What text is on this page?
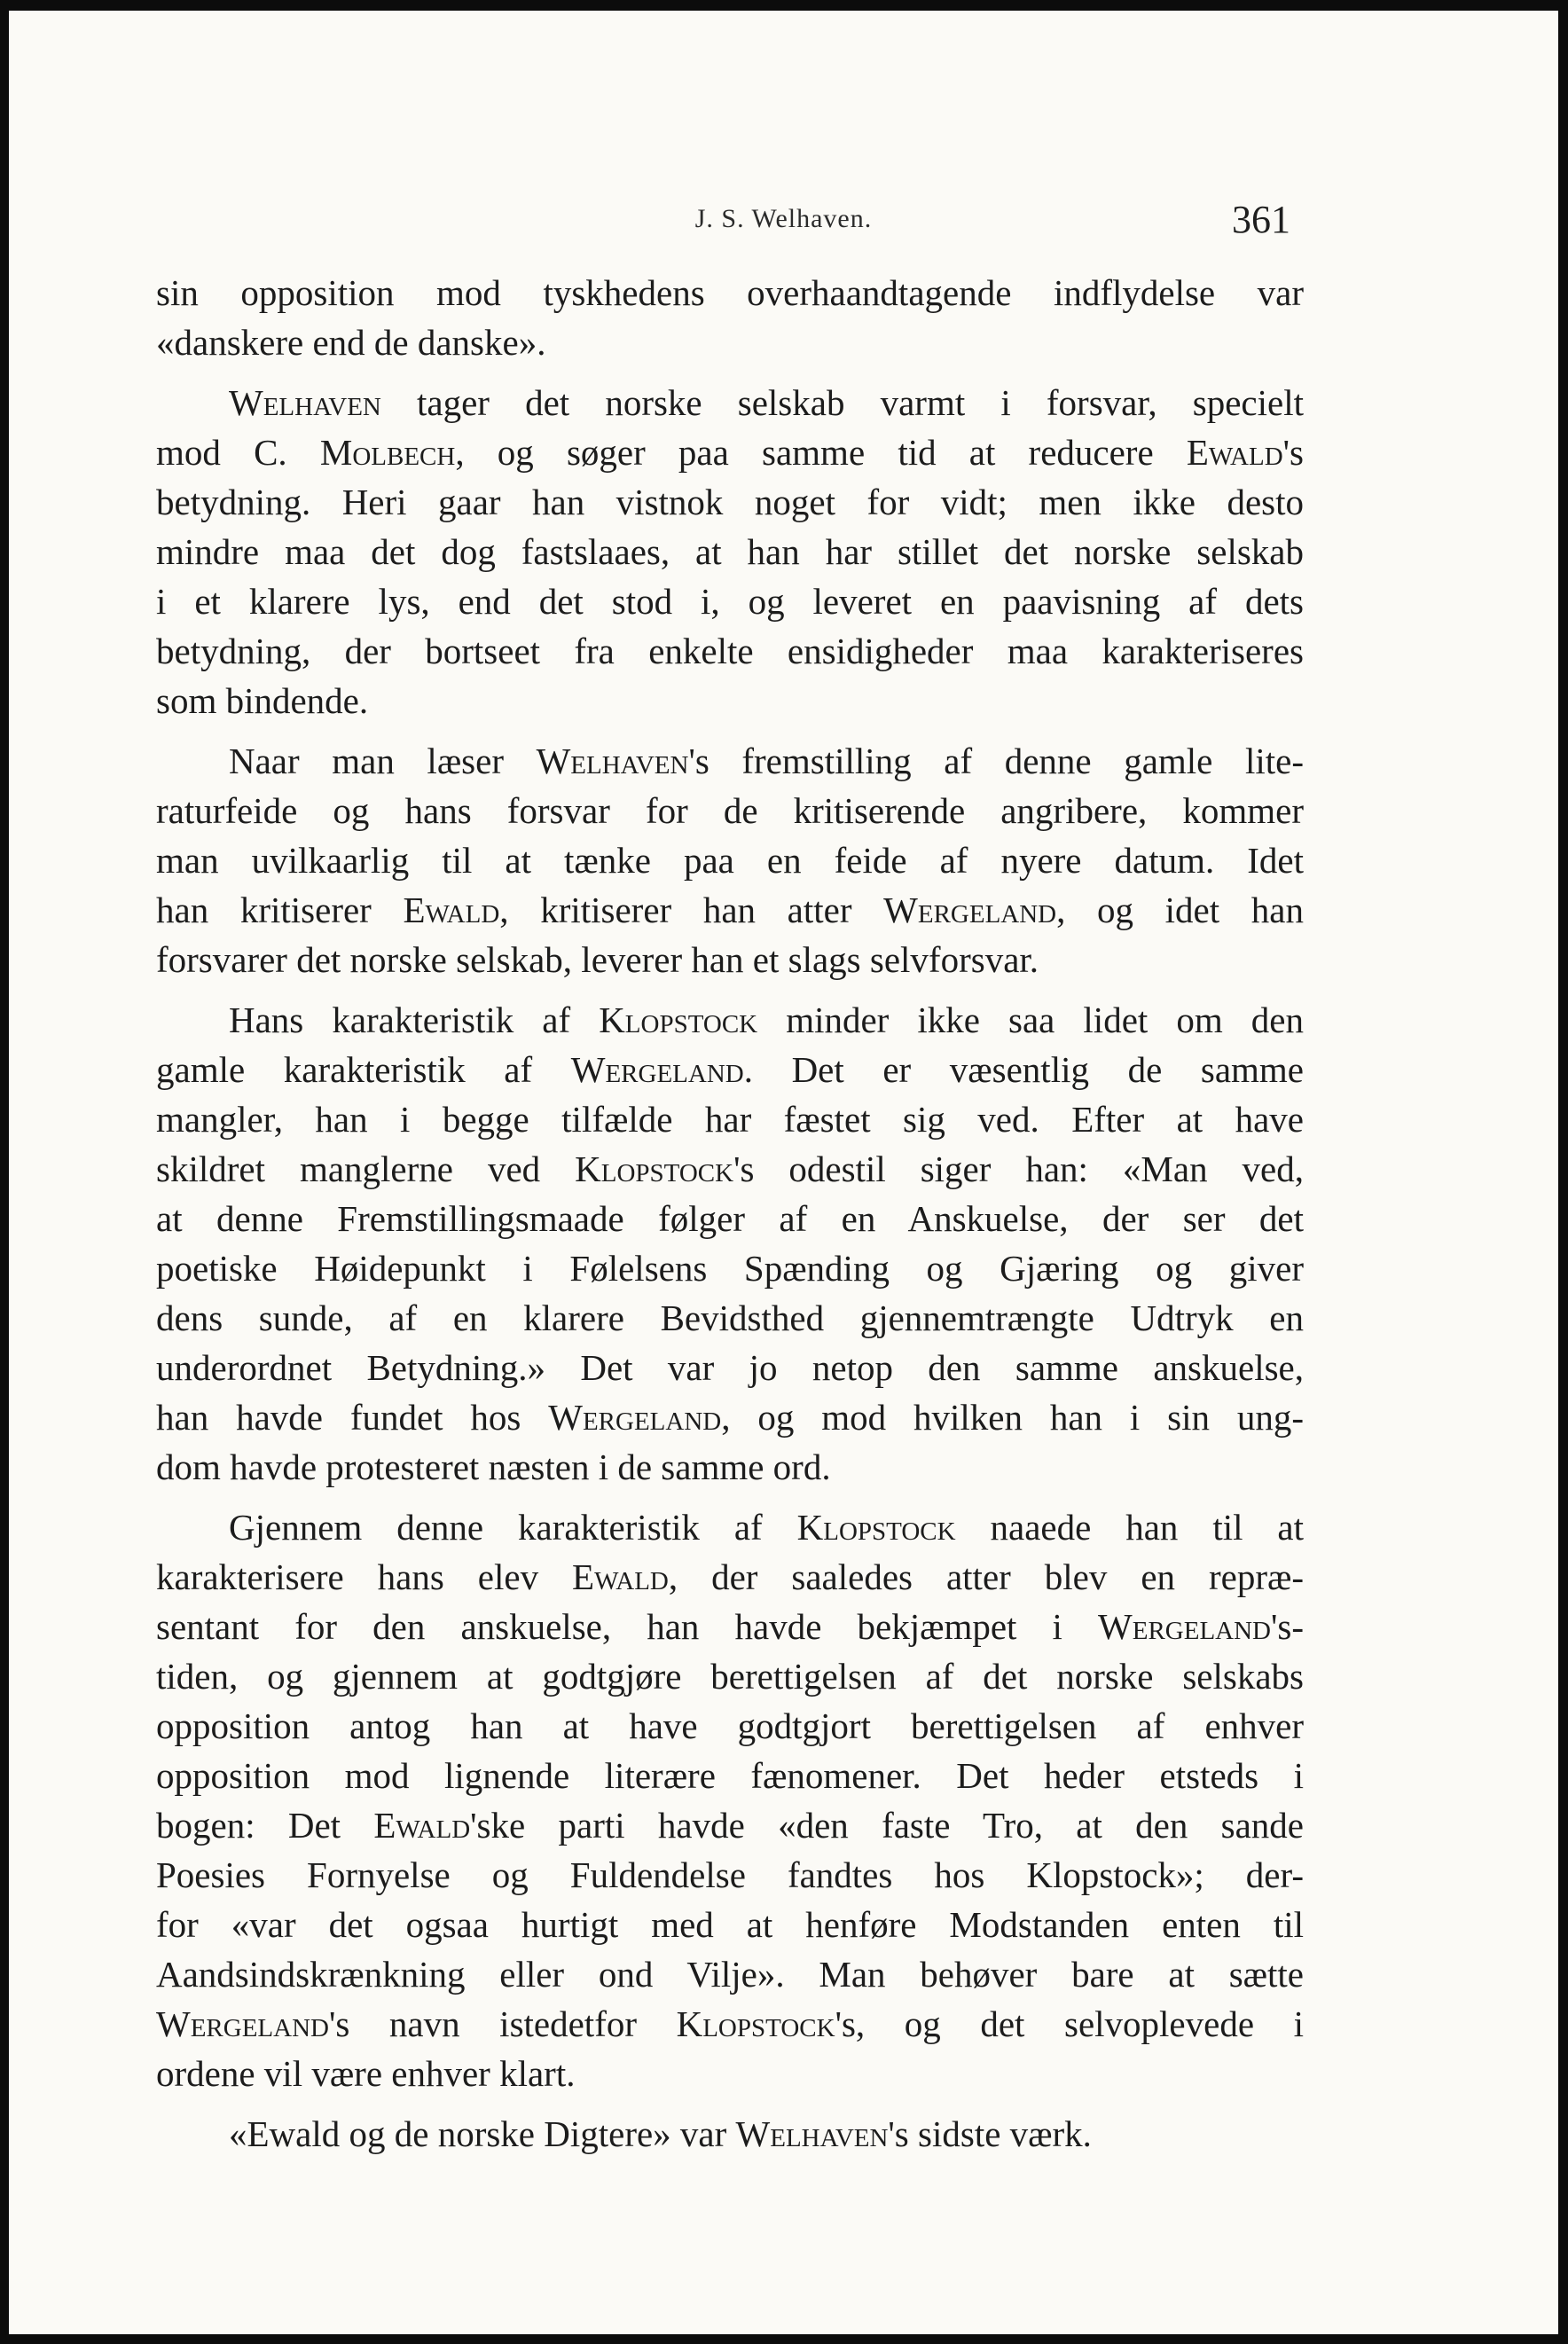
J. S. Welhaven.	361
sin opposition mod tyskhedens overhaandtagende indflydelse var
«danskere end de danske».
Welhaven tager det norske selskab varmt i forsvar, specielt
mod C. Molbech, og søger paa samme tid at reducere Ewald's
betydning. Heri gaar han vistnok noget for vidt; men ikke desto
mindre maa det dog fastslaaes, at han har stillet det norske selskab
i et klarere lys, end det stod i, og leveret en paavisning af dets
betydning, der bortseet fra enkelte ensidigheder maa karakteriseres
som bindende.
Naar man læser Welhaven's fremstilling af denne gamle lite-
raturfeide og hans forsvar for de kritiserende angribere, kommer
man uvilkaarlig til at tænke paa en feide af nyere datum. Idet
han kritiserer Ewald, kritiserer han atter Wergeland, og idet han
forsvarer det norske selskab, leverer han et slags selvforsvar.
Hans karakteristik af Klopstock minder ikke saa lidet om den
gamle karakteristik af Wergeland. Det er væsentlig de samme
mangler, han i begge tilfælde har fæstet sig ved. Efter at have
skildret manglerne ved Klopstock's odestil siger han: «Man ved,
at denne Fremstillingsmaade følger af en Anskuelse, der ser det
poetiske Høidepunkt i Følelsens Spænding og Gjæring og giver
dens sunde, af en klarere Bevidsthed gjennemtrængte Udtryk en
underordnet Betydning.» Det var jo netop den samme anskuelse,
han havde fundet hos Wergeland, og mod hvilken han i sin ung-
dom havde protesteret næsten i de samme ord.
Gjennem denne karakteristik af Klopstock naaede han til at
karakterisere hans elev Ewald, der saaledes atter blev en repræ-
sentant for den anskuelse, han havde bekjæmpet i Wergeland's-
tiden, og gjennem at godtgjøre berettigelsen af det norske selskabs
opposition antog han at have godtgjort berettigelsen af enhver
opposition mod lignende literære fænomener. Det heder etsteds i
bogen: Det Ewald'ske parti havde «den faste Tro, at den sande
Poesies Fornyelse og Fuldendelse fandtes hos Klopstock»; der-
for «var det ogsaa hurtigt med at henføre Modstanden enten til
Aandsindskrænkning eller ond Vilje». Man behøver bare at sætte
Wergeland's navn istedetfor Klopstock's, og det selvoplevede i
ordene vil være enhver klart.
«Ewald og de norske Digtere» var Welhaven's sidste værk.
